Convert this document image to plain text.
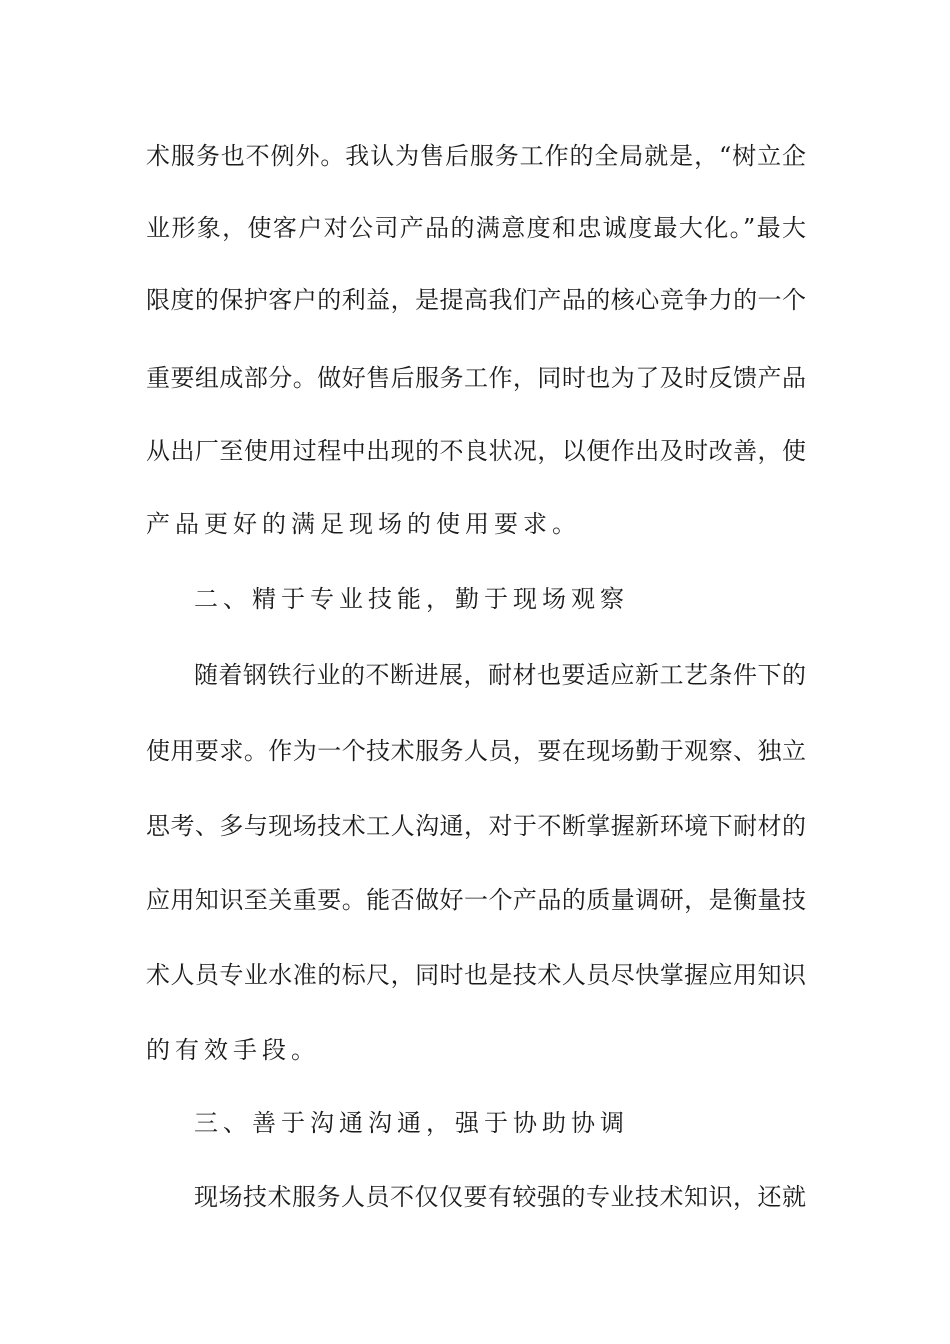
术服务也不例外。我认为售后服务工作的全局就是，“树立企
业形象，使客户对公司产品的满意度和忠诚度最大化。”最大
限度的保护客户的利益，是提高我们产品的核心竞争力的一个
重要组成部分。做好售后服务工作，同时也为了及时反馈产品
从出厂至使用过程中出现的不良状况，以便作出及时改善，使
产品更好的满足现场的使用要求。
二、精于专业技能，勤于现场观察
随着钢铁行业的不断进展，耐材也要适应新工艺条件下的
使用要求。作为一个技术服务人员，要在现场勤于观察、独立
思考、多与现场技术工人沟通，对于不断掌握新环境下耐材的
应用知识至关重要。能否做好一个产品的质量调研，是衡量技
术人员专业水准的标尺，同时也是技术人员尽快掌握应用知识
的有效手段。
三、善于沟通沟通，强于协助协调
现场技术服务人员不仅仅要有较强的专业技术知识，还就
